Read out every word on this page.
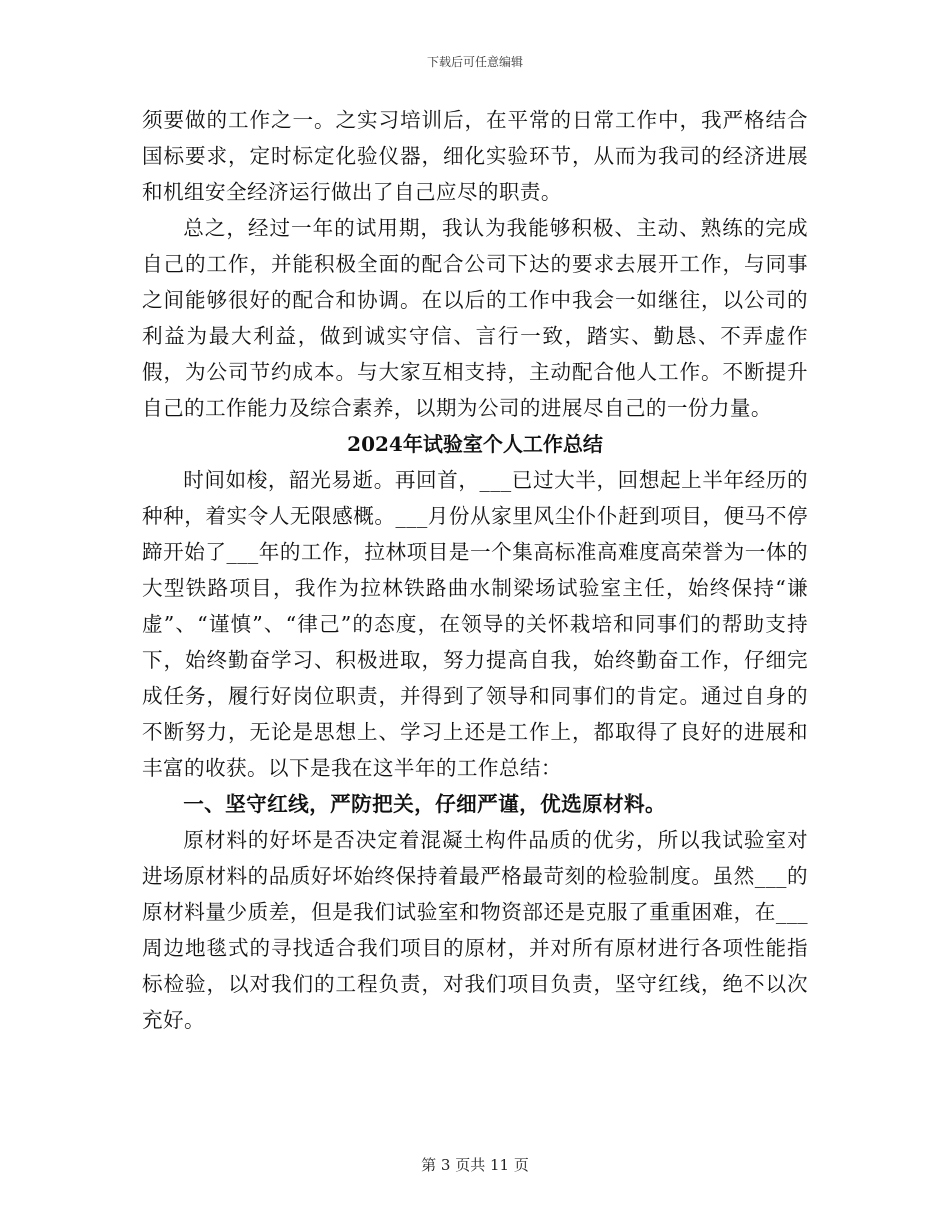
下载后可任意编辑

须要做的工作之一。之实习培训后，在平常的日常工作中，我严格结合国标要求，定时标定化验仪器，细化实验环节，从而为我司的经济进展和机组安全经济运行做出了自己应尽的职责。

总之，经过一年的试用期，我认为我能够积极、主动、熟练的完成自己的工作，并能积极全面的配合公司下达的要求去展开工作，与同事之间能够很好的配合和协调。在以后的工作中我会一如继往，以公司的利益为最大利益，做到诚实守信、言行一致，踏实、勤恳、不弄虚作假，为公司节约成本。与大家互相支持，主动配合他人工作。不断提升自己的工作能力及综合素养，以期为公司的进展尽自己的一份力量。

2024年试验室个人工作总结

时间如梭，韶光易逝。再回首，___已过大半，回想起上半年经历的种种，着实令人无限感概。___月份从家里风尘仆仆赶到项目，便马不停蹄开始了___年的工作，拉林项目是一个集高标准高难度高荣誉为一体的大型铁路项目，我作为拉林铁路曲水制梁场试验室主任，始终保持“谦虚”、“谨慎”、“律己”的态度，在领导的关怀栽培和同事们的帮助支持下，始终勤奋学习、积极进取，努力提高自我，始终勤奋工作，仔细完成任务，履行好岗位职责，并得到了领导和同事们的肯定。通过自身的不断努力，无论是思想上、学习上还是工作上，都取得了良好的进展和丰富的收获。以下是我在这半年的工作总结：

一、坚守红线，严防把关，仔细严谨，优选原材料。

原材料的好坏是否决定着混凝土构件品质的优劣，所以我试验室对进场原材料的品质好坏始终保持着最严格最苛刻的检验制度。虽然___的原材料量少质差，但是我们试验室和物资部还是克服了重重困难，在___周边地毯式的寻找适合我们项目的原材，并对所有原材进行各项性能指标检验，以对我们的工程负责，对我们项目负责，坚守红线，绝不以次充好。

第 3 页共 11 页
